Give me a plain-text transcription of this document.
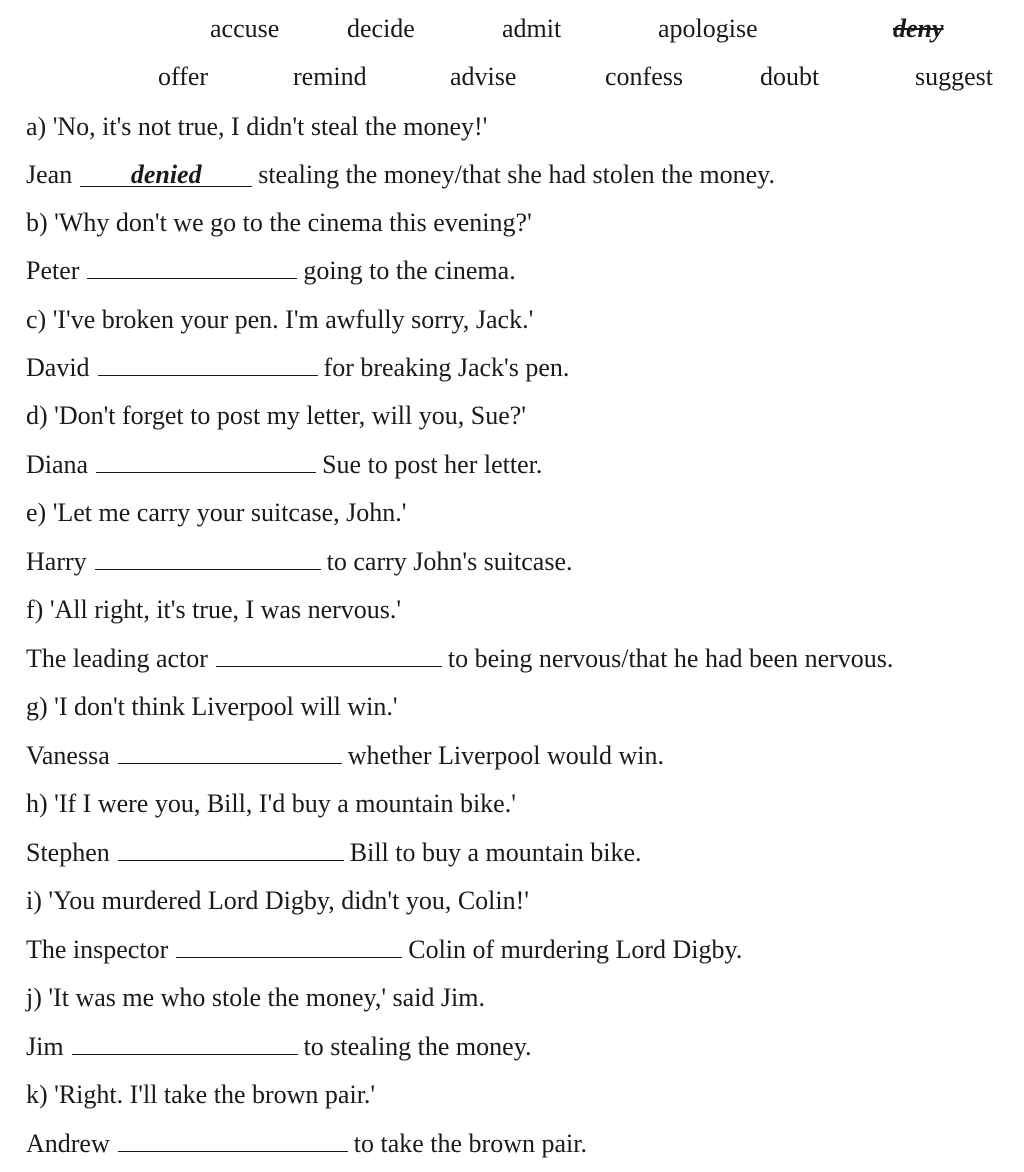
accuse	decide	admit	apologise	deny
offer	remind	advise	confess	doubt	suggest
a) 'No, it's not true, I didn't steal the money!'
Jean denied stealing the money/that she had stolen the money.
b) 'Why don't we go to the cinema this evening?'
Peter	going to the cinema.
c) 'I've broken your pen. I'm awfully sorry, Jack.'
David	for breaking Jack's pen.
d) 'Don't forget to post my letter, will you, Sue?'
Diana	Sue to post her letter.
e) 'Let me carry your suitcase, John.'
Harry	to carry John's suitcase.
f) 'All right, it's true, I was nervous.'
The leading actor	to being nervous/that he had been nervous.
g) 'I don't think Liverpool will win.'
Vanessa	whether Liverpool would win.
h) 'If I were you, Bill, I'd buy a mountain bike.'
Stephen	Bill to buy a mountain bike.
i) 'You murdered Lord Digby, didn't you, Colin!'
The inspector	Colin of murdering Lord Digby.
j) 'It was me who stole the money,' said Jim.
Jim	to stealing the money.
k) 'Right. I'll take the brown pair.'
Andrew	to take the brown pair.
